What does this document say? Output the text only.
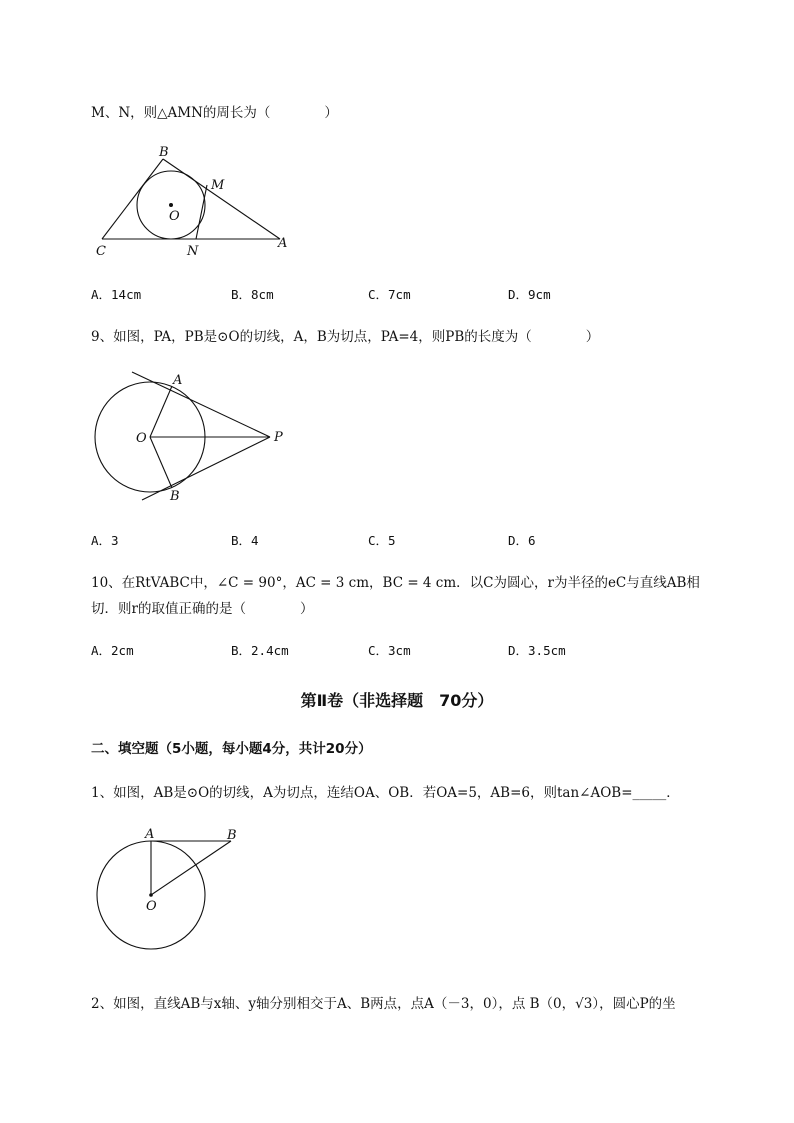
M、N，则△AMN的周长为（　　　　）
B
M
O
C	N
A
A．14cm	B．8cm	C．7cm	D．9cm
9、如图，PA，PB是⊙O的切线，A，B为切点，PA=4，则PB的长度为（　　　　）
A
O	P
B
A．3	B．4	C．5	D．6
10、在RtVABC中，∠C = 90°，AC = 3 cm，BC = 4 cm．以C为圆心，r为半径的eC与直线AB相
切．则r的取值正确的是（　　　　）
A．2cm	B．2.4cm	C．3cm	D．3.5cm
第Ⅱ卷（非选择题　70分）
二、填空题（5小题，每小题4分，共计20分）
1、如图，AB是⊙O的切线，A为切点，连结OA、OB．若OA=5，AB=6，则tan∠AOB=_____．
A	B
O
2、如图，直线AB与x轴、y轴分别相交于A、B两点，点A（－3，0），点 B（0，√3），圆心P的坐
